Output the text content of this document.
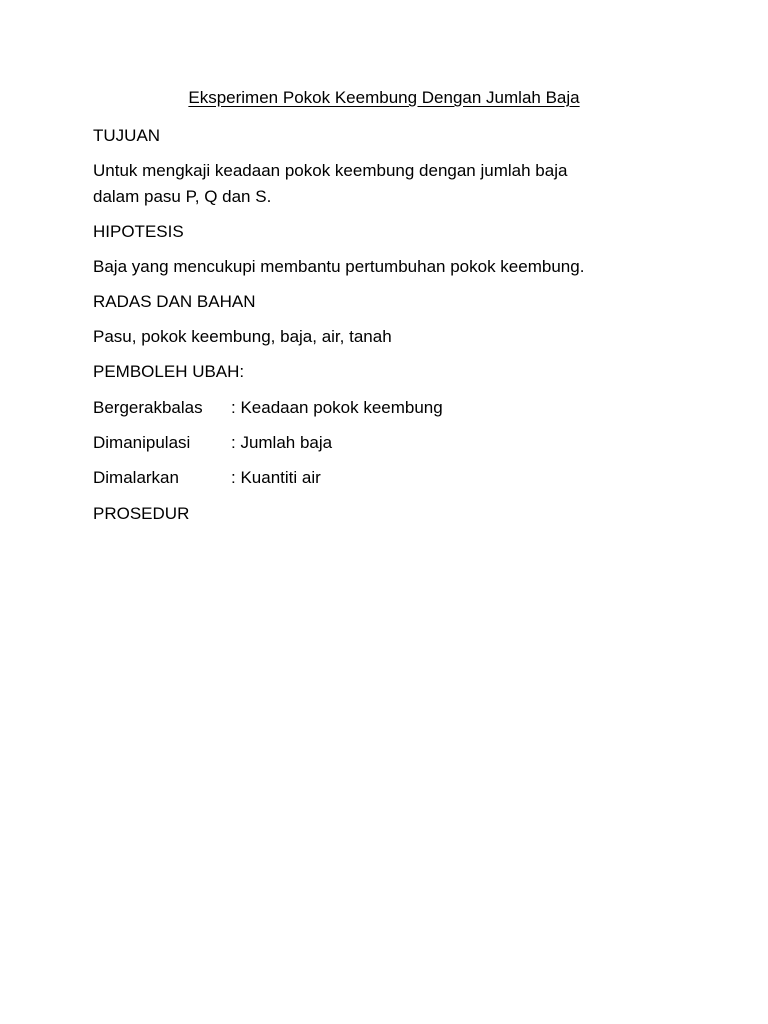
Eksperimen Pokok Keembung Dengan Jumlah Baja
TUJUAN
Untuk mengkaji keadaan pokok keembung dengan jumlah baja
dalam pasu P, Q dan S.
HIPOTESIS
Baja yang mencukupi membantu pertumbuhan pokok keembung.
RADAS DAN BAHAN
Pasu, pokok keembung, baja, air, tanah
PEMBOLEH UBAH:
Bergerakbalas : Keadaan pokok keembung
Dimanipulasi : Jumlah baja
Dimalarkan	: Kuantiti air
PROSEDUR
